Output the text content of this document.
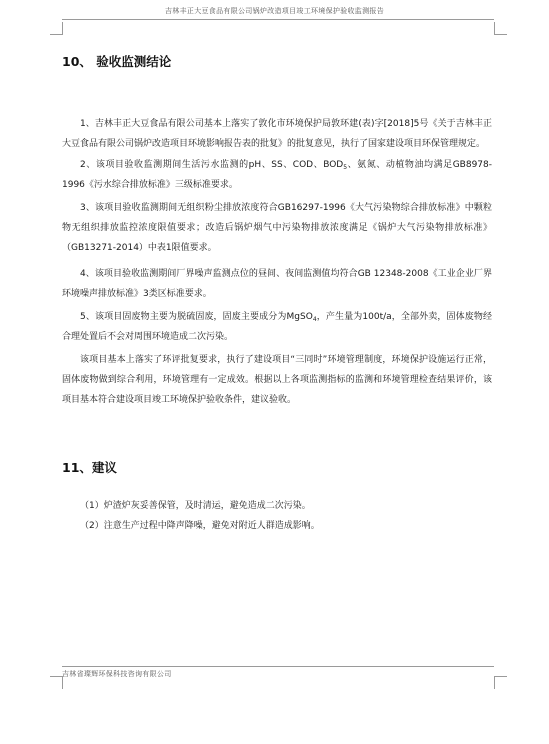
吉林丰正大豆食品有限公司锅炉改造项目竣工环境保护验收监测报告
10、 验收监测结论
1、吉林丰正大豆食品有限公司基本上落实了敦化市环境保护局敦环建(表)字[2018]5号《关于吉林丰正大豆食品有限公司锅炉改造项目环境影响报告表的批复》的批复意见，执行了国家建设项目环保管理规定。
2、该项目验收监测期间生活污水监测的pH、SS、COD、$BOD_5$、氨氮、动植物油均满足GB8978-1996《污水综合排放标准》三级标准要求。
3、该项目验收监测期间无组织粉尘排放浓度符合GB16297-1996《大气污染物综合排放标准》中颗粒物无组织排放监控浓度限值要求；改造后锅炉烟气中污染物排放浓度满足《锅炉大气污染物排放标准》（GB13271-2014）中表1限值要求。
4、该项目验收监测期间厂界噪声监测点位的昼间、夜间监测值均符合GB 12348-2008《工业企业厂界环境噪声排放标准》3类区标准要求。
5、该项目固废物主要为脱硫固废，固废主要成分为MgSO$_4$，产生量为100t/a，全部外卖，固体废物经合理处置后不会对周围环境造成二次污染。
该项目基本上落实了环评批复要求，执行了建设项目“三同时”环境管理制度，环境保护设施运行正常，固体废物做到综合利用，环境管理有一定成效。根据以上各项监测指标的监测和环境管理检查结果评价，该项目基本符合建设项目竣工环境保护验收条件，建议验收。
11、建议
（1）炉渣炉灰妥善保管，及时清运，避免造成二次污染。
（2）注意生产过程中降声降噪，避免对附近人群造成影响。
吉林省璨辉环保科技咨询有限公司
